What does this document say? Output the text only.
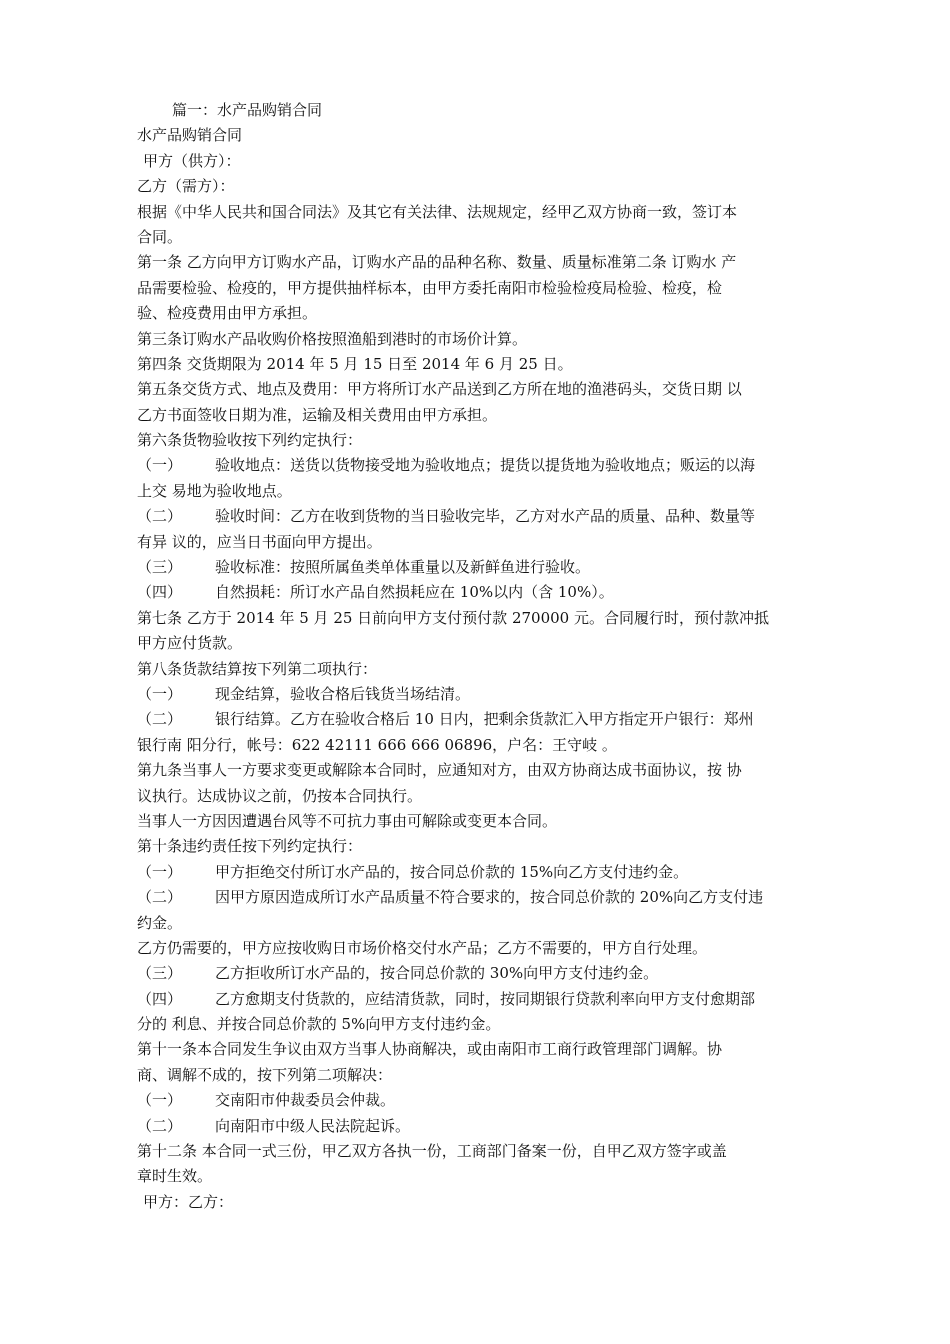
篇一：水产品购销合同
水产品购销合同
甲方（供方）：
乙方（需方）：
根据《中华人民共和国合同法》及其它有关法律、法规规定，经甲乙双方协商一致，签订本
合同。
第一条 乙方向甲方订购水产品，订购水产品的品种名称、数量、质量标准第二条 订购水 产
品需要检验、检疫的，甲方提供抽样标本，由甲方委托南阳市检验检疫局检验、检疫，检
验、检疫费用由甲方承担。
第三条订购水产品收购价格按照渔船到港时的市场价计算。
第四条 交货期限为 2014 年 5 月 15 日至 2014 年 6 月 25 日。
第五条交货方式、地点及费用：甲方将所订水产品送到乙方所在地的渔港码头，交货日期 以
乙方书面签收日期为准，运输及相关费用由甲方承担。
第六条货物验收按下列约定执行：
（一） 验收地点：送货以货物接受地为验收地点；提货以提货地为验收地点；贩运的以海
上交 易地为验收地点。
（二） 验收时间：乙方在收到货物的当日验收完毕，乙方对水产品的质量、品种、数量等
有异 议的，应当日书面向甲方提出。
（三） 验收标准：按照所属鱼类单体重量以及新鲜鱼进行验收。
（四） 自然损耗：所订水产品自然损耗应在 10%以内（含 10%）。
第七条 乙方于 2014 年 5 月 25 日前向甲方支付预付款 270000 元。合同履行时，预付款冲抵
甲方应付货款。
第八条货款结算按下列第二项执行：
（一） 现金结算，验收合格后钱货当场结清。
（二） 银行结算。乙方在验收合格后 10 日内，把剩余货款汇入甲方指定开户银行：郑州
银行南 阳分行，帐号：622 42111 666 666 06896，户名：王守岐 。
第九条当事人一方要求变更或解除本合同时，应通知对方，由双方协商达成书面协议，按 协
议执行。达成协议之前，仍按本合同执行。
当事人一方因因遭遇台风等不可抗力事由可解除或变更本合同。
第十条违约责任按下列约定执行：
（一） 甲方拒绝交付所订水产品的，按合同总价款的 15%向乙方支付违约金。
（二） 因甲方原因造成所订水产品质量不符合要求的，按合同总价款的 20%向乙方支付违
约金。
乙方仍需要的，甲方应按收购日市场价格交付水产品；乙方不需要的，甲方自行处理。
（三） 乙方拒收所订水产品的，按合同总价款的 30%向甲方支付违约金。
（四） 乙方愈期支付货款的，应结清货款，同时，按同期银行贷款利率向甲方支付愈期部
分的 利息、并按合同总价款的 5%向甲方支付违约金。
第十一条本合同发生争议由双方当事人协商解决，或由南阳市工商行政管理部门调解。协
商、调解不成的，按下列第二项解决：
（一） 交南阳市仲裁委员会仲裁。
（二） 向南阳市中级人民法院起诉。
第十二条 本合同一式三份，甲乙双方各执一份，工商部门备案一份，自甲乙双方签字或盖
章时生效。
甲方：乙方：
